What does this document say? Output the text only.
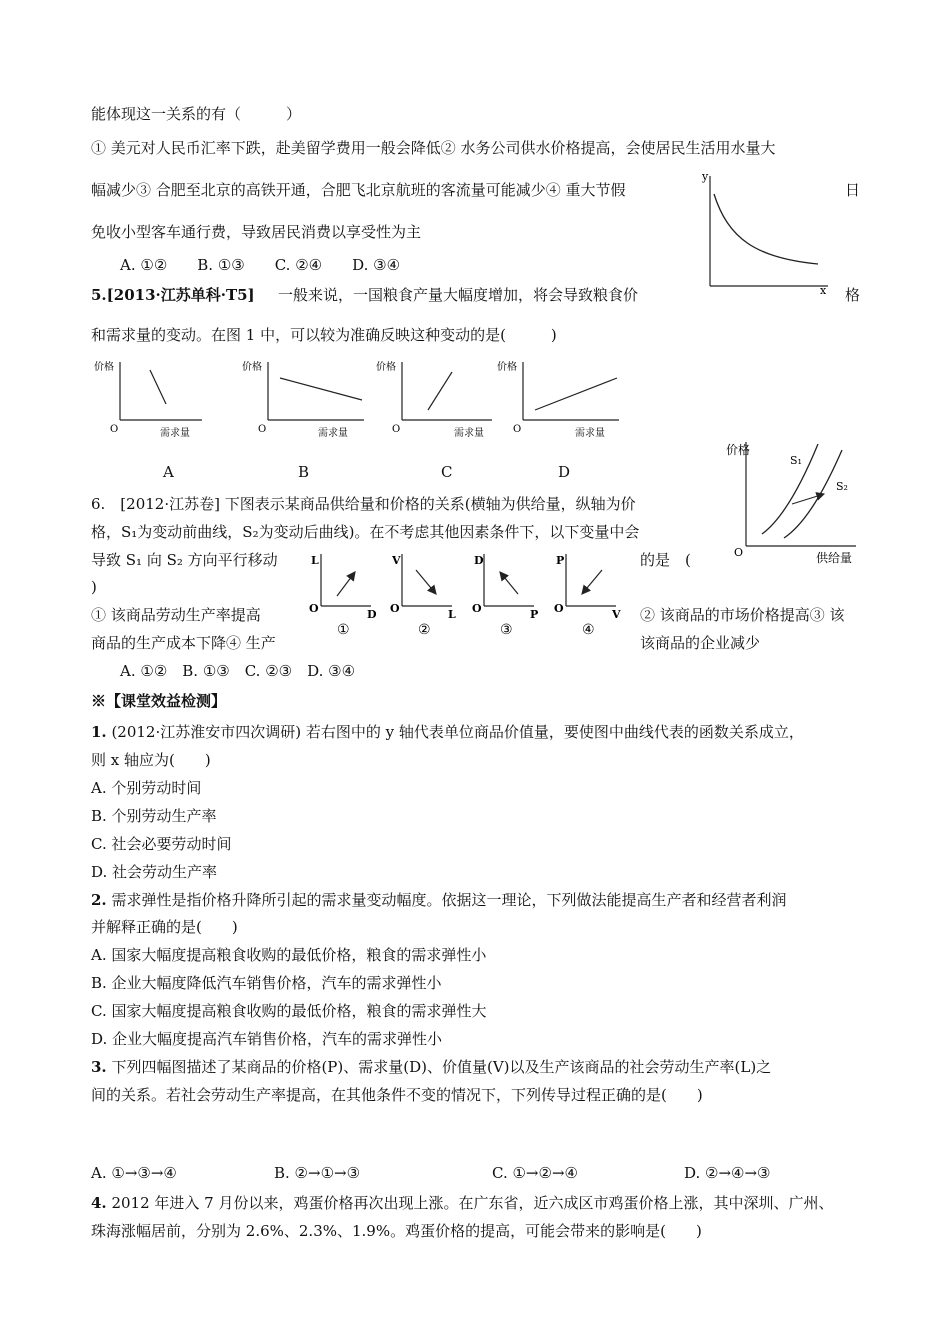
能体现这一关系的有（　　　）
① 美元对人民币汇率下跌，赴美留学费用一般会降低② 水务公司供水价格提高，会使居民生活用水量大
幅减少③ 合肥至北京的高铁开通，合肥飞北京航班的客流量可能减少④ 重大节假	日
免收小型客车通行费，导致居民消费以享受性为主
A. ①②　　B. ①③　　C. ②④　　D. ③④
y
x
5.[2013·江苏单科·T5] 一般来说，一国粮食产量大幅度增加，将会导致粮食价	格
和需求量的变动。在图 1 中，可以较为准确反映这种变动的是(　　　)
价格
O	需求量
价格
O	需求量
价格
O	需求量
价格
O	需求量
A	B	C	D
价格
O	供给量
S₁
S₂
6.　[2012·江苏卷] 下图表示某商品供给量和价格的关系(横轴为供给量，纵轴为价
格，S₁为变动前曲线，S₂为变动后曲线)。在不考虑其他因素条件下，以下变量中会
导致 S₁ 向 S₂ 方向平行移动	的是　(
)
① 该商品劳动生产率提高	② 该商品的市场价格提高③ 该
商品的生产成本下降④ 生产	该商品的企业减少
A. ①②　B. ①③　C. ②③　D. ③④
L
O	D
①
V
O	L
②
D
O	P
③
P
O	V
④
※【课堂效益检测】
1. (2012·江苏淮安市四次调研) 若右图中的 y 轴代表单位商品价值量，要使图中曲线代表的函数关系成立，
则 x 轴应为(　　)
A. 个别劳动时间
B. 个别劳动生产率
C. 社会必要劳动时间
D. 社会劳动生产率
2. 需求弹性是指价格升降所引起的需求量变动幅度。依据这一理论，下列做法能提高生产者和经营者利润
并解释正确的是(　　)
A. 国家大幅度提高粮食收购的最低价格，粮食的需求弹性小
B. 企业大幅度降低汽车销售价格，汽车的需求弹性小
C. 国家大幅度提高粮食收购的最低价格，粮食的需求弹性大
D. 企业大幅度提高汽车销售价格，汽车的需求弹性小
3. 下列四幅图描述了某商品的价格(P)、需求量(D)、价值量(V)以及生产该商品的社会劳动生产率(L)之
间的关系。若社会劳动生产率提高，在其他条件不变的情况下，下列传导过程正确的是(　　)
A. ①→③→④	B. ②→①→③	C. ①→②→④	D. ②→④→③
4. 2012 年进入 7 月份以来，鸡蛋价格再次出现上涨。在广东省，近六成区市鸡蛋价格上涨，其中深圳、广州、
珠海涨幅居前，分别为 2.6%、2.3%、1.9%。鸡蛋价格的提高，可能会带来的影响是(　　)
